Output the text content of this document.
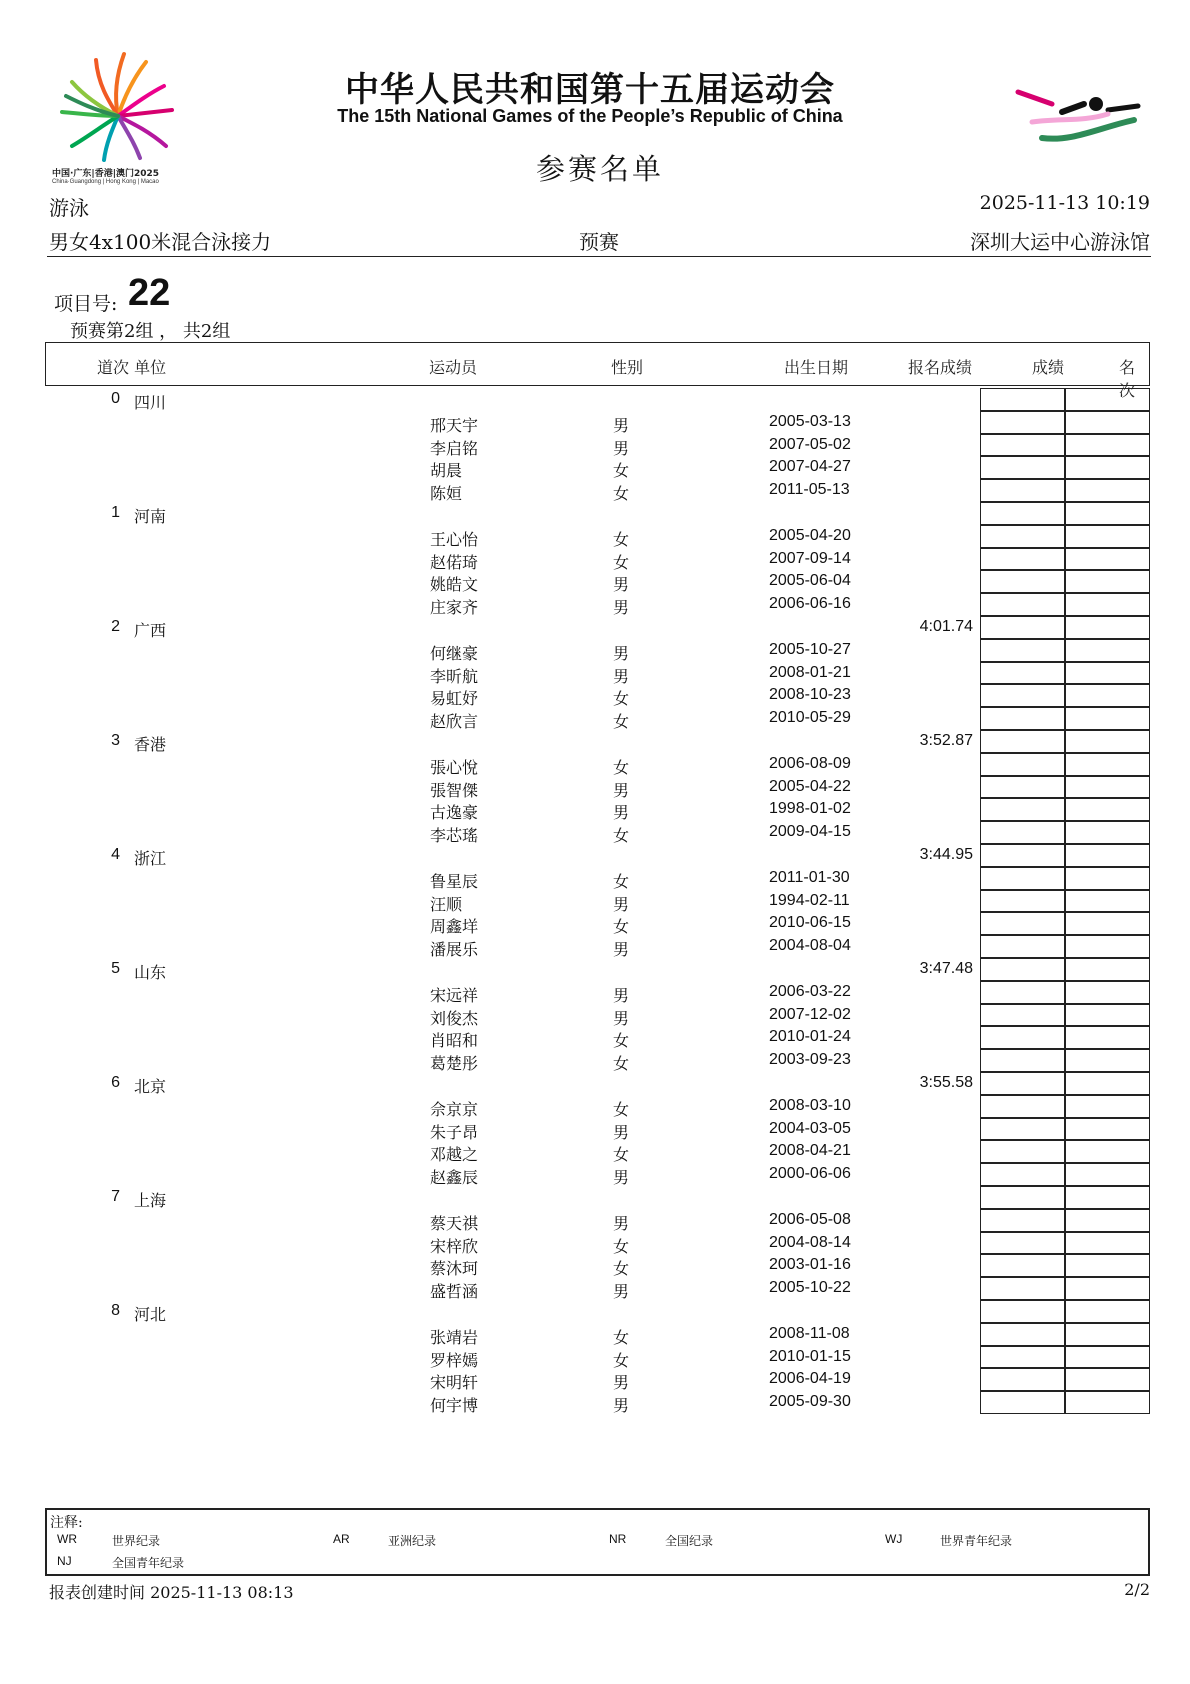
中国·广东|香港|澳门2025
China·Guangdong | Hong Kong | Macao
中华人民共和国第十五届运动会
The 15th National Games of the People’s Republic of China
参赛名单
游泳	2025-11-13 10:19
男女4x100米混合泳接力	预赛	深圳大运中心游泳馆
项目号: 22
预赛第2组 ， 共2组
道次 单位	运动员	性别	出生日期	报名成绩	成绩	名次
0 四川
邢天宇	男	2005-03-13
李启铭	男	2007-05-02
胡晨	女	2007-04-27
陈姮	女	2011-05-13
1 河南
王心怡	女	2005-04-20
赵偌琦	女	2007-09-14
姚皓文	男	2005-06-04
庄家齐	男	2006-06-16
2 广西	4:01.74
何继豪	男	2005-10-27
李昕航	男	2008-01-21
易虹妤	女	2008-10-23
赵欣言	女	2010-05-29
3 香港	3:52.87
張心悅	女	2006-08-09
張智傑	男	2005-04-22
古逸豪	男	1998-01-02
李芯瑤	女	2009-04-15
4 浙江	3:44.95
鲁星辰	女	2011-01-30
汪顺	男	1994-02-11
周鑫垟	女	2010-06-15
潘展乐	男	2004-08-04
5 山东	3:47.48
宋远祥	男	2006-03-22
刘俊杰	男	2007-12-02
肖昭和	女	2010-01-24
葛楚彤	女	2003-09-23
6 北京	3:55.58
佘京京	女	2008-03-10
朱子昂	男	2004-03-05
邓越之	女	2008-04-21
赵鑫辰	男	2000-06-06
7 上海
蔡天祺	男	2006-05-08
宋梓欣	女	2004-08-14
蔡沐珂	女	2003-01-16
盛哲涵	男	2005-10-22
8 河北
张靖岩	女	2008-11-08
罗梓嫣	女	2010-01-15
宋明轩	男	2006-04-19
何宇博	男	2005-09-30
注释:
WR	世界纪录	AR	亚洲纪录	NR	全国纪录	WJ	世界青年纪录
NJ	全国青年纪录
报表创建时间 2025-11-13 08:13	2/2
